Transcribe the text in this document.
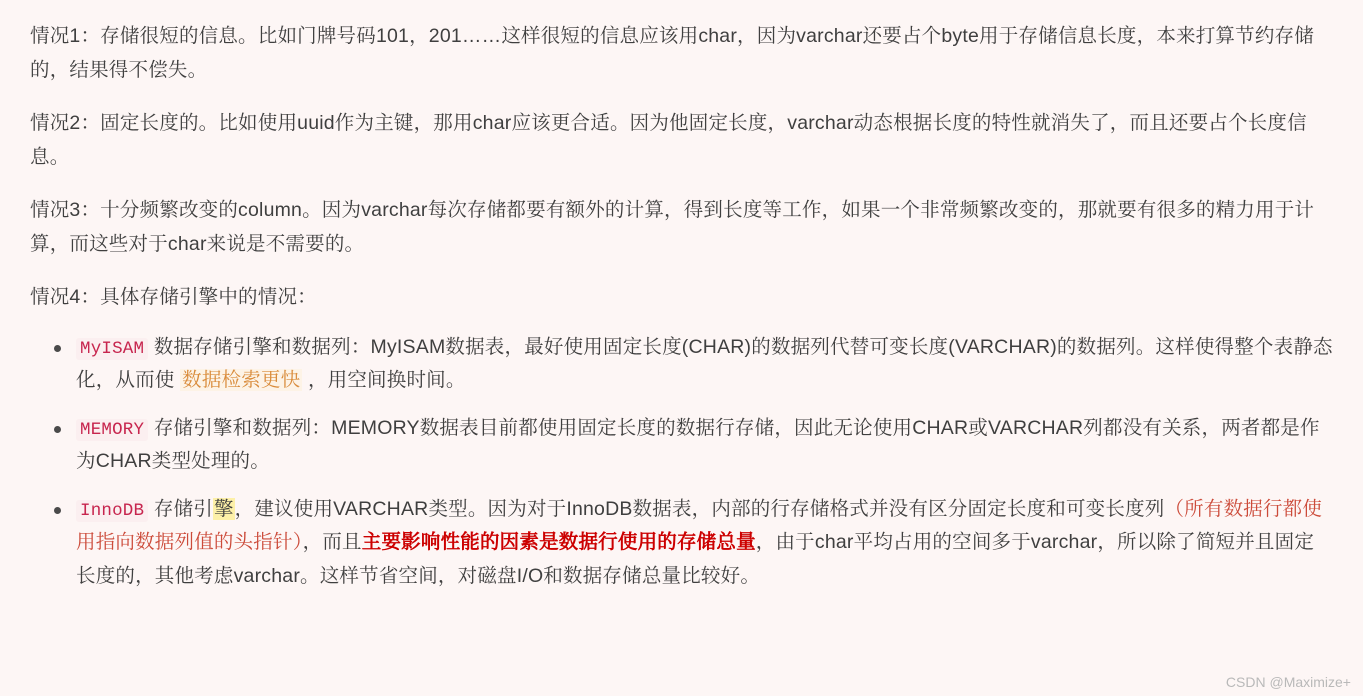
情况1：存储很短的信息。比如门牌号码101，201……这样很短的信息应该用char，因为varchar还要占个byte用于存储信息长度，本来打算节约存储的，结果得不偿失。

情况2：固定长度的。比如使用uuid作为主键，那用char应该更合适。因为他固定长度，varchar动态根据长度的特性就消失了，而且还要占个长度信息。

情况3：十分频繁改变的column。因为varchar每次存储都要有额外的计算，得到长度等工作，如果一个非常频繁改变的，那就要有很多的精力用于计算，而这些对于char来说是不需要的。

情况4：具体存储引擎中的情况：

MyISAM 数据存储引擎和数据列：MyISAM数据表，最好使用固定长度(CHAR)的数据列代替可变长度(VARCHAR)的数据列。这样使得整个表静态化，从而使 数据检索更快 ，用空间换时间。
MEMORY 存储引擎和数据列：MEMORY数据表目前都使用固定长度的数据行存储，因此无论使用CHAR或VARCHAR列都没有关系，两者都是作为CHAR类型处理的。
InnoDB 存储引擎，建议使用VARCHAR类型。因为对于InnoDB数据表，内部的行存储格式并没有区分固定长度和可变长度列（所有数据行都使用指向数据列值的头指针），而且主要影响性能的因素是数据行使用的存储总量，由于char平均占用的空间多于varchar，所以除了简短并且固定长度的，其他考虑varchar。这样节省空间，对磁盘I/O和数据存储总量比较好。
CSDN @Maximize+
